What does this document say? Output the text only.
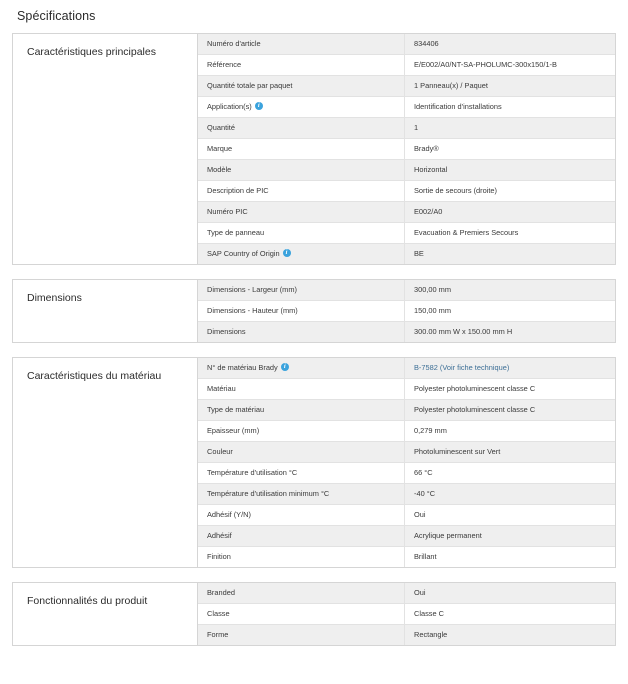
Spécifications
Caractéristiques principales	
Numéro d'article	834406
Référence	E/E002/A0/NT-SA-PHOLUMC-300x150/1-B
Quantité totale par paquet	1 Panneau(x) / Paquet
Application(s)i	Identification d'installations
Quantité	1
Marque	Brady®
Modèle	Horizontal
Description de PIC	Sortie de secours (droite)
Numéro PIC	E002/A0
Type de panneau	Evacuation & Premiers Secours
SAP Country of Origini	BE
Dimensions	
Dimensions - Largeur (mm)	300,00 mm
Dimensions - Hauteur (mm)	150,00 mm
Dimensions	300.00 mm W x 150.00 mm H
Caractéristiques du matériau	
N° de matériau Bradyi	B-7582 (Voir fiche technique)
Matériau	Polyester photoluminescent classe C
Type de matériau	Polyester photoluminescent classe C
Epaisseur (mm)	0,279 mm
Couleur	Photoluminescent sur Vert
Température d'utilisation °C	66 °C
Température d'utilisation minimum °C	-40 °C
Adhésif (Y/N)	Oui
Adhésif	Acrylique permanent
Finition	Brillant
Fonctionnalités du produit	
Branded	Oui
Classe	Classe C
Forme	Rectangle
